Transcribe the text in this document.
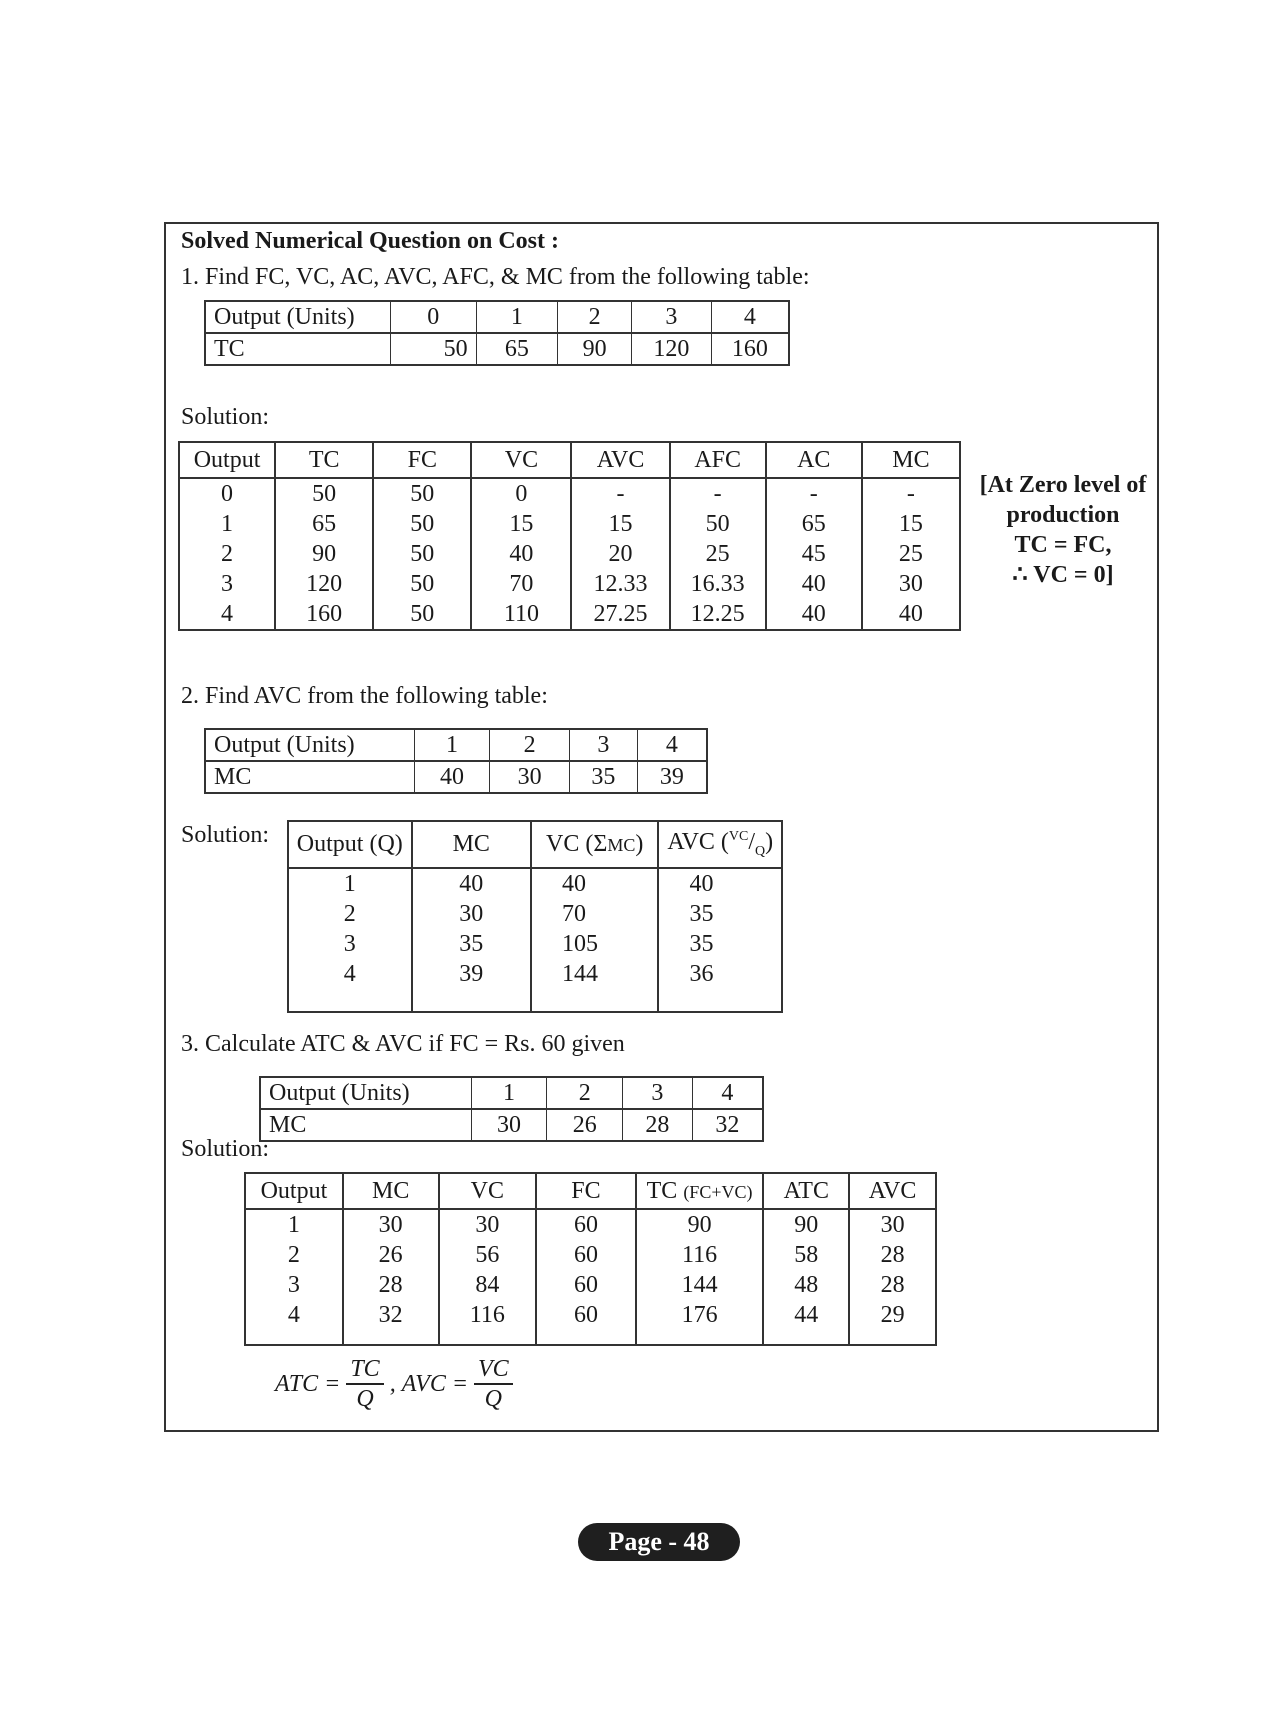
Solved Numerical Question on Cost :
1. Find FC, VC, AC, AVC, AFC, & MC from the following table:
Output (Units)	0	1	2	3	4
TC	50	65	90	120	160
Solution:
Output	TC	FC	VC	AVC	AFC	AC	MC
0	50	50	0	-	-	-	-
1	65	50	15	15	50	65	15
2	90	50	40	20	25	45	25
3	120	50	70	12.33	16.33	40	30
4	160	50	110	27.25	12.25	40	40
[At Zero level of
production
TC = FC,
∴ VC = 0]
2. Find AVC from the following table:
Output (Units)	1	2	3	4
MC	40	30	35	39
Solution: Output (Q)	MC	VC (ΣMC)	AVC $(^{VC}/_Q)$
1	40	40	40
2	30	70	35
3	35	105	35
4	39	144	36

3. Calculate ATC & AVC if FC = Rs. 60 given
Output (Units)	1	2	3	4
MC	30	26	28	32
Solution:
Output	MC	VC	FC	TC (FC+VC)	ATC	AVC
1	30	30	60	90	90	30
2	26	56	60	116	58	28
3	28	84	60	144	48	28
4	32	116	60	176	44	29

ATC = $\frac{TC}{Q}$ , AVC = $\frac{VC}{Q}$
Page - 48
